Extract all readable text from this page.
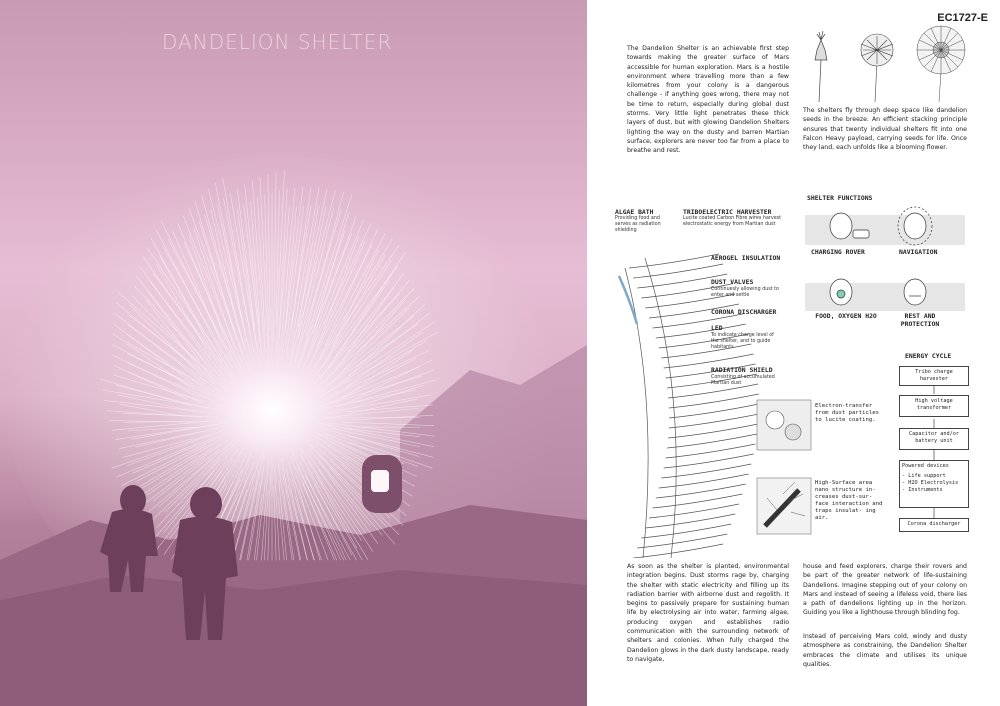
DANDELION SHELTER
EC1727-E

The Dandelion Shelter is an achievable first step towards making the greater surface of Mars accessible for human exploration. Mars is a hostile environment where travelling more than a few kilometres from your colony is a dangerous challenge - if anything goes wrong, there may not be time to return, especially during global dust storms. Very little light penetrates these thick layers of dust, but with glowing Dandelion Shelters lighting the way on the dusty and barren Martian surface, explorers are never too far from a place to breathe and rest.

The shelters fly through deep space like dandelion seeds in the breeze. An efficient stacking principle ensures that twenty individual shelters fit into one Falcon Heavy payload, carrying seeds for life. Once they land, each unfolds like a blooming flower.

ALGAE BATH
Providing food and serves as radiation shielding
TRIBOELECTRIC HARVESTER
Lucite coated Carbon Fibre wires harvest electrostatic energy from Martian dust
AEROGEL INSULATION
DUST VALVES
Continuesly allowing dust to enter and settle
CORONA DISCHARGER
LED
To indicate charge level of the shelter, and to guide habitants
RADIATION SHIELD
Consisting of accumulated Martian dust
Electron-transfer from dust particles to lucite coating.
High-Surface area nano structure in- creases dust-sur- face interaction and traps insulat- ing air.
SHELTER FUNCTIONS
CHARGING ROVER	NAVIGATION
FOOD, OXYGEN H2O	REST AND PROTECTION
ENERGY CYCLE
Tribo charge harvester
High voltage transformer
Capacitor and/or battery unit
Powered devices
- Life support
- H2O Electrolysis
- Instruments
Corona discharger

As soon as the shelter is planted, environmental integration begins. Dust storms rage by, charging the shelter with static electricity and filling up its radiation barrier with airborne dust and regolith. It begins to passively prepare for sustaining human life by electrolysing air into water, farming algae, producing oxygen and establishes radio communication with the surrounding network of shelters and colonies. When fully charged the Dandelion glows in the dark dusty landscape, ready to navigate,

house and feed explorers, charge their rovers and be part of the greater network of life-sustaining Dandelions. Imagine stepping out of your colony on Mars and instead of seeing a lifeless void, there lies a path of dandelions lighting up in the horizon. Guiding you like a lighthouse through blinding fog.

Instead of perceiving Mars cold, windy and dusty atmosphere as constraining, the Dandelion Shelter embraces the climate and utilises its unique qualities.
